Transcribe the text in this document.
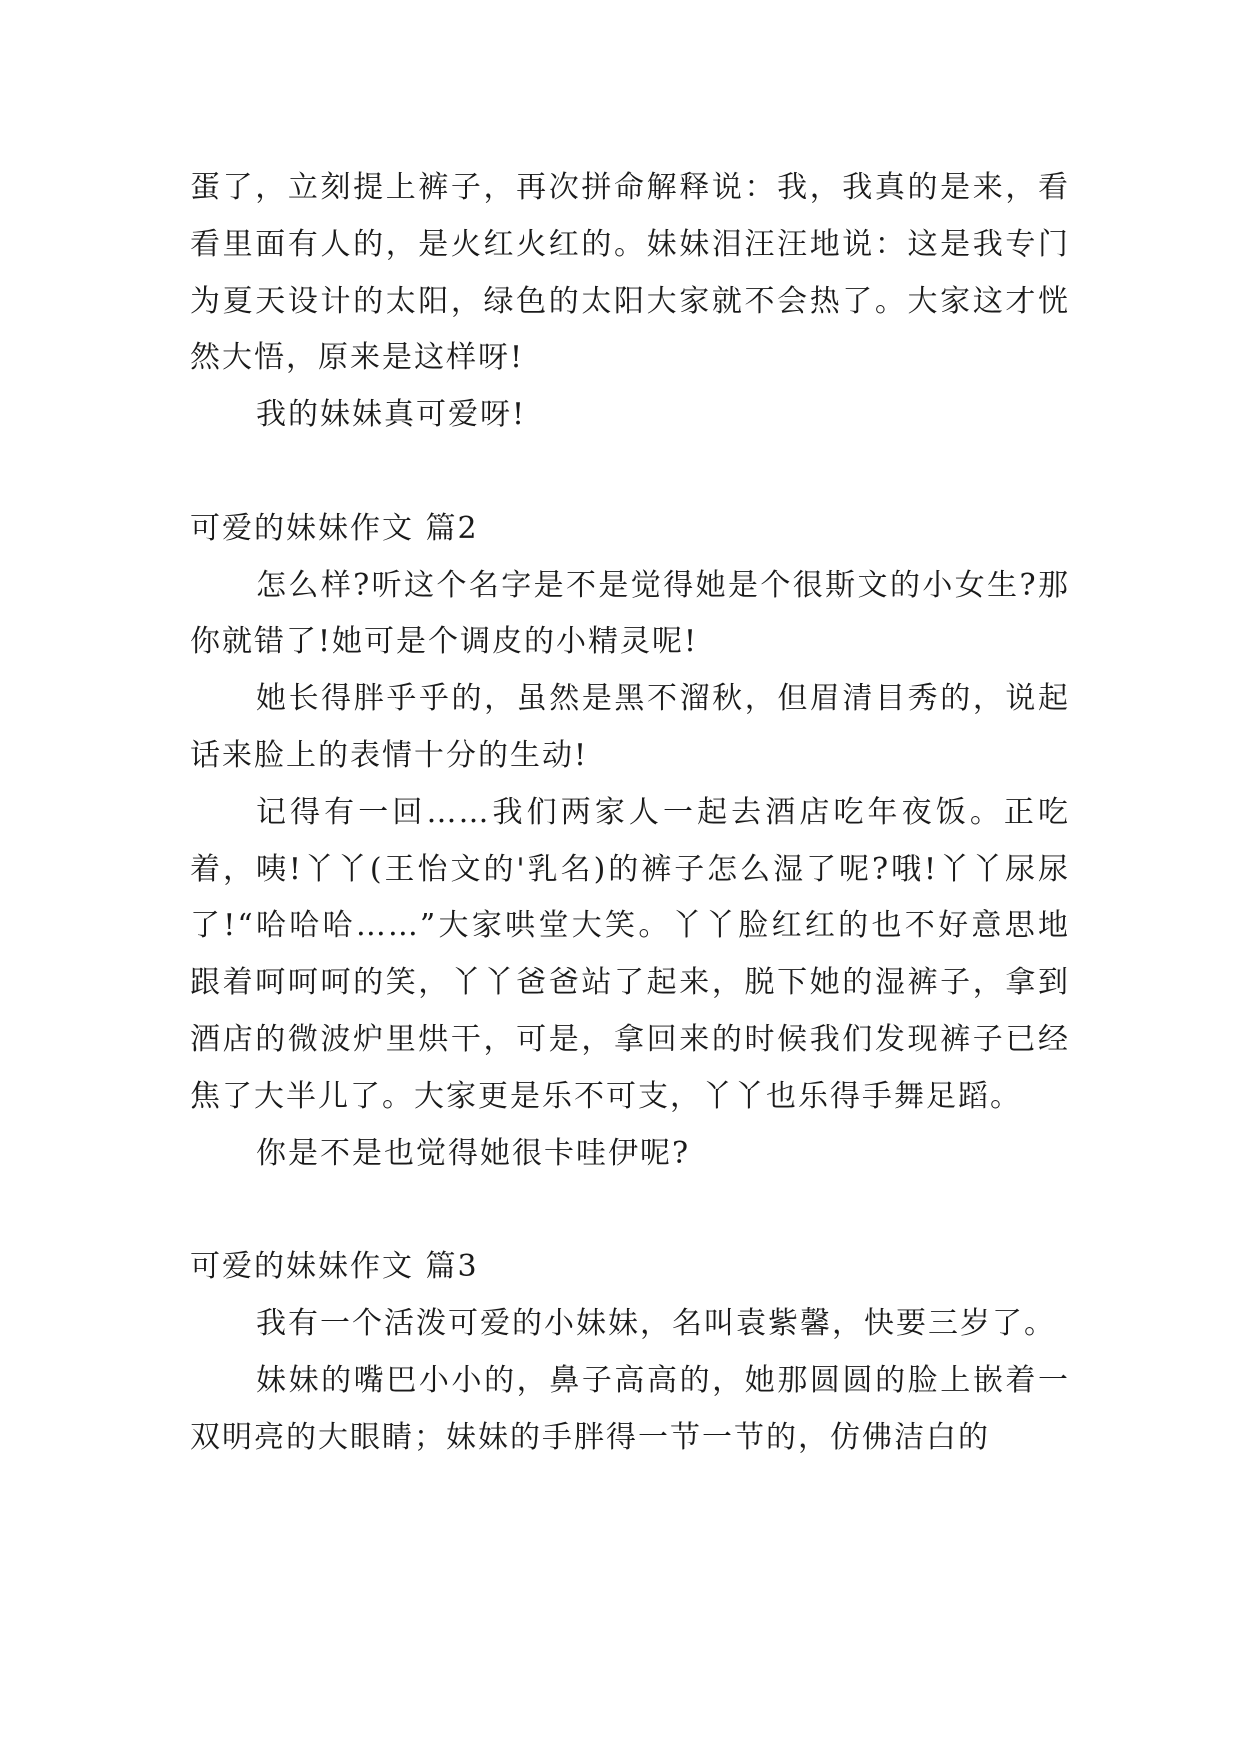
蛋了，立刻提上裤子，再次拼命解释说：我，我真的是来，看看里面有人的，是火红火红的。妹妹泪汪汪地说：这是我专门为夏天设计的太阳，绿色的太阳大家就不会热了。大家这才恍然大悟，原来是这样呀!

我的妹妹真可爱呀!

可爱的妹妹作文 篇2

怎么样?听这个名字是不是觉得她是个很斯文的小女生?那你就错了!她可是个调皮的小精灵呢!

她长得胖乎乎的，虽然是黑不溜秋，但眉清目秀的，说起话来脸上的表情十分的生动!

记得有一回……我们两家人一起去酒店吃年夜饭。正吃着，咦!丫丫(王怡文的'乳名)的裤子怎么湿了呢?哦!丫丫尿尿了!“哈哈哈……”大家哄堂大笑。丫丫脸红红的也不好意思地跟着呵呵呵的笑，丫丫爸爸站了起来，脱下她的湿裤子，拿到酒店的微波炉里烘干，可是，拿回来的时候我们发现裤子已经焦了大半儿了。大家更是乐不可支，丫丫也乐得手舞足蹈。

你是不是也觉得她很卡哇伊呢?

可爱的妹妹作文 篇3

我有一个活泼可爱的小妹妹，名叫袁紫馨，快要三岁了。

妹妹的嘴巴小小的，鼻子高高的，她那圆圆的脸上嵌着一双明亮的大眼睛；妹妹的手胖得一节一节的，仿佛洁白的
